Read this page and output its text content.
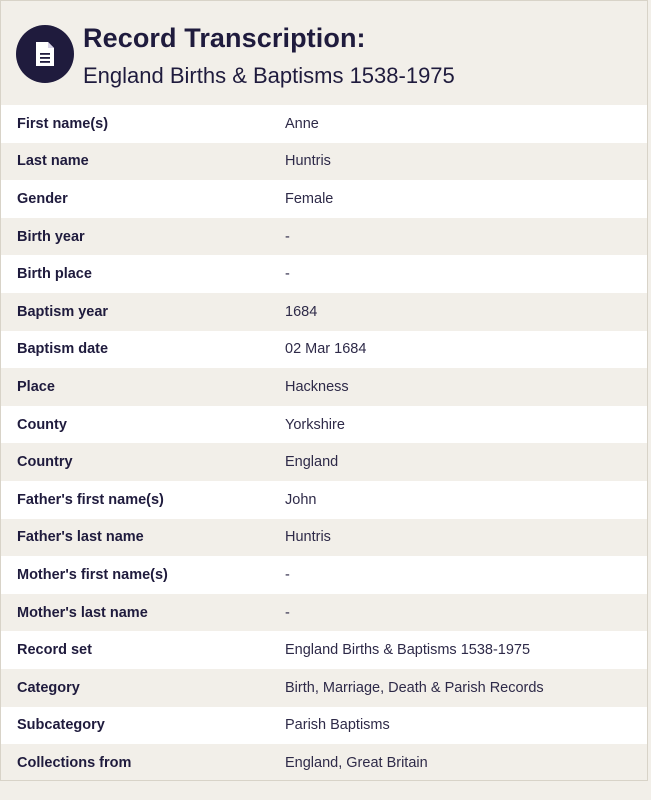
Record Transcription:
England Births & Baptisms 1538-1975
First name(s)	Anne
Last name	Huntris
Gender	Female
Birth year	-
Birth place	-
Baptism year	1684
Baptism date	02 Mar 1684
Place	Hackness
County	Yorkshire
Country	England
Father's first name(s)	John
Father's last name	Huntris
Mother's first name(s)	-
Mother's last name	-
Record set	England Births & Baptisms 1538-1975
Category	Birth, Marriage, Death & Parish Records
Subcategory	Parish Baptisms
Collections from	England, Great Britain
